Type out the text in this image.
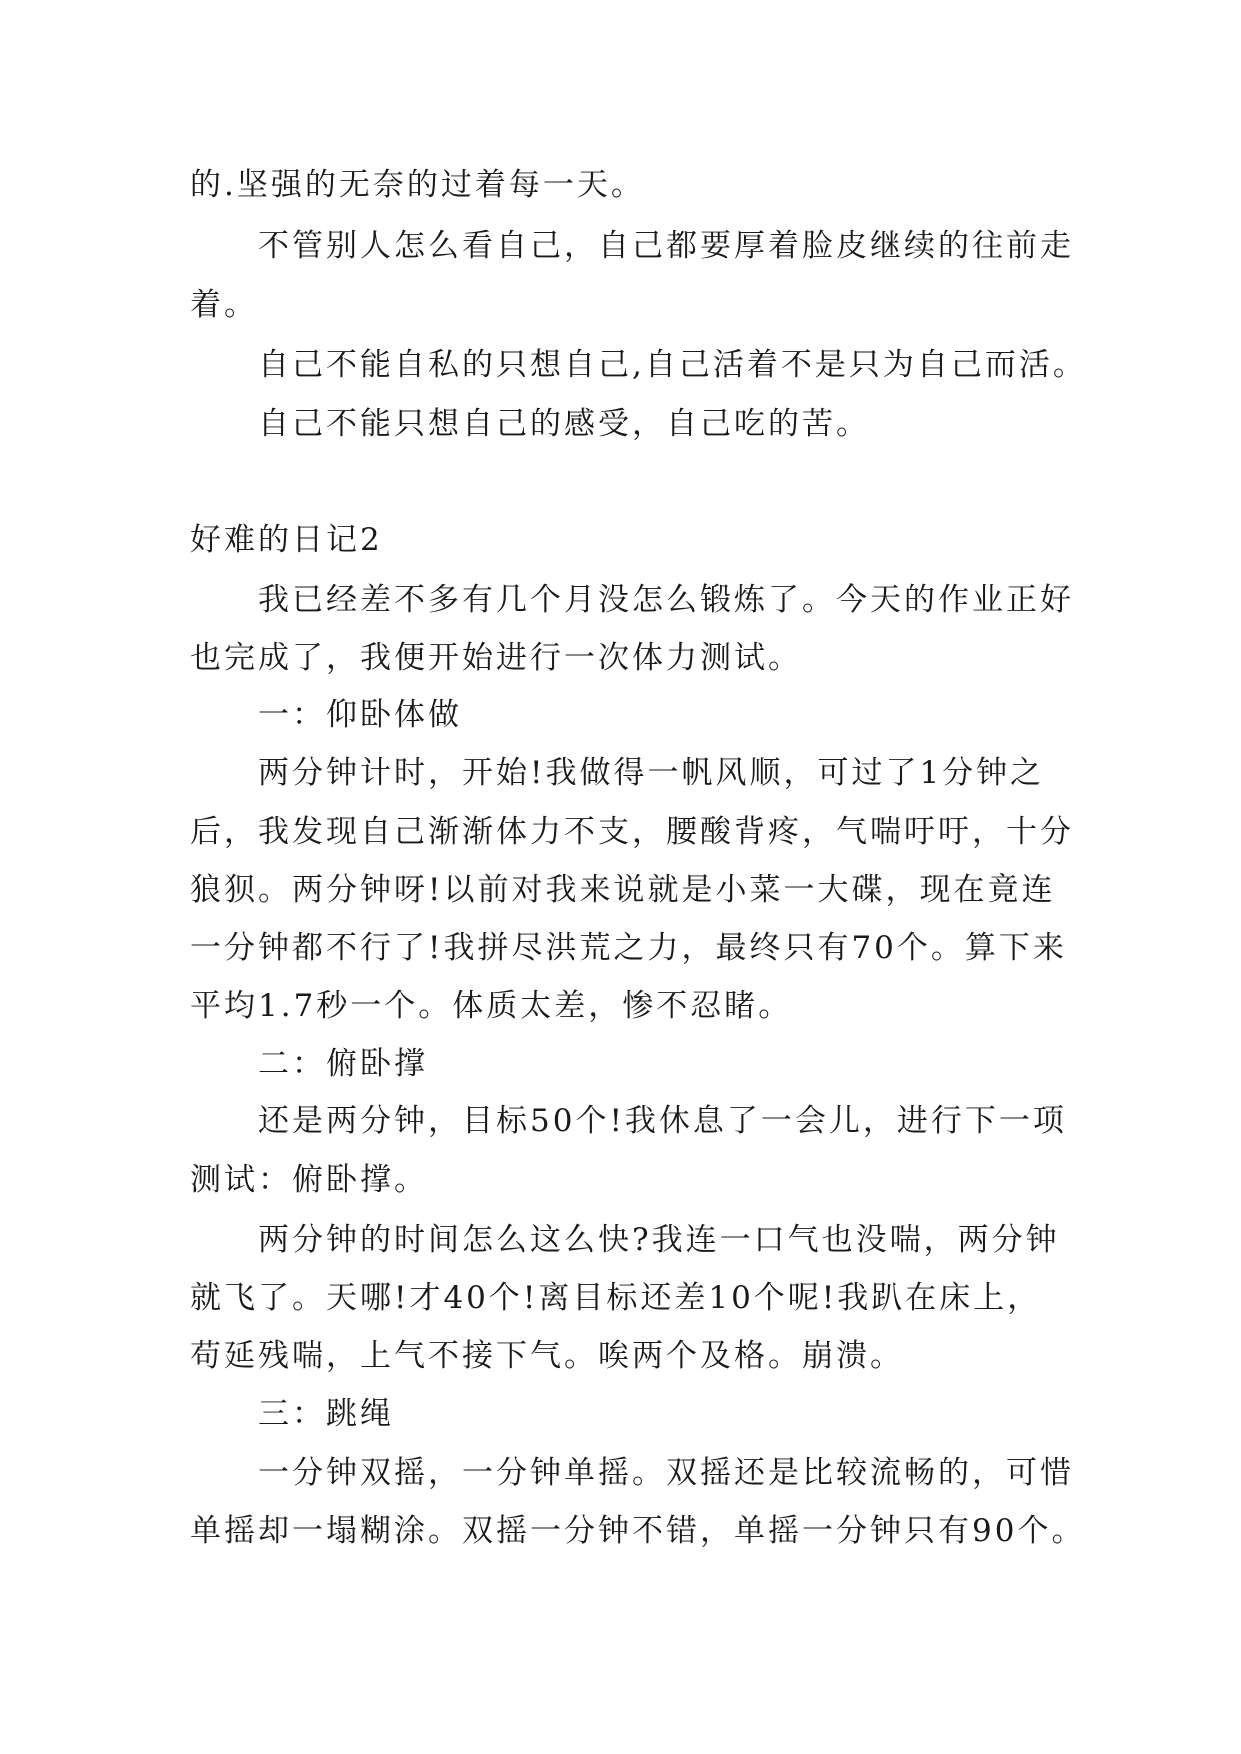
的.坚强的无奈的过着每一天。
不管别人怎么看自己，自己都要厚着脸皮继续的往前走
着。
自己不能自私的只想自己,自己活着不是只为自己而活。
自己不能只想自己的感受，自己吃的苦。
好难的日记2
我已经差不多有几个月没怎么锻炼了。今天的作业正好
也完成了，我便开始进行一次体力测试。
一：仰卧体做
两分钟计时，开始!我做得一帆风顺，可过了1分钟之
后，我发现自己渐渐体力不支，腰酸背疼，气喘吁吁，十分
狼狈。两分钟呀!以前对我来说就是小菜一大碟，现在竟连
一分钟都不行了!我拼尽洪荒之力，最终只有70个。算下来
平均1.7秒一个。体质太差，惨不忍睹。
二：俯卧撑
还是两分钟，目标50个!我休息了一会儿，进行下一项
测试：俯卧撑。
两分钟的时间怎么这么快?我连一口气也没喘，两分钟
就飞了。天哪!才40个!离目标还差10个呢!我趴在床上，
苟延残喘，上气不接下气。唉两个及格。崩溃。
三：跳绳
一分钟双摇，一分钟单摇。双摇还是比较流畅的，可惜
单摇却一塌糊涂。双摇一分钟不错，单摇一分钟只有90个。
